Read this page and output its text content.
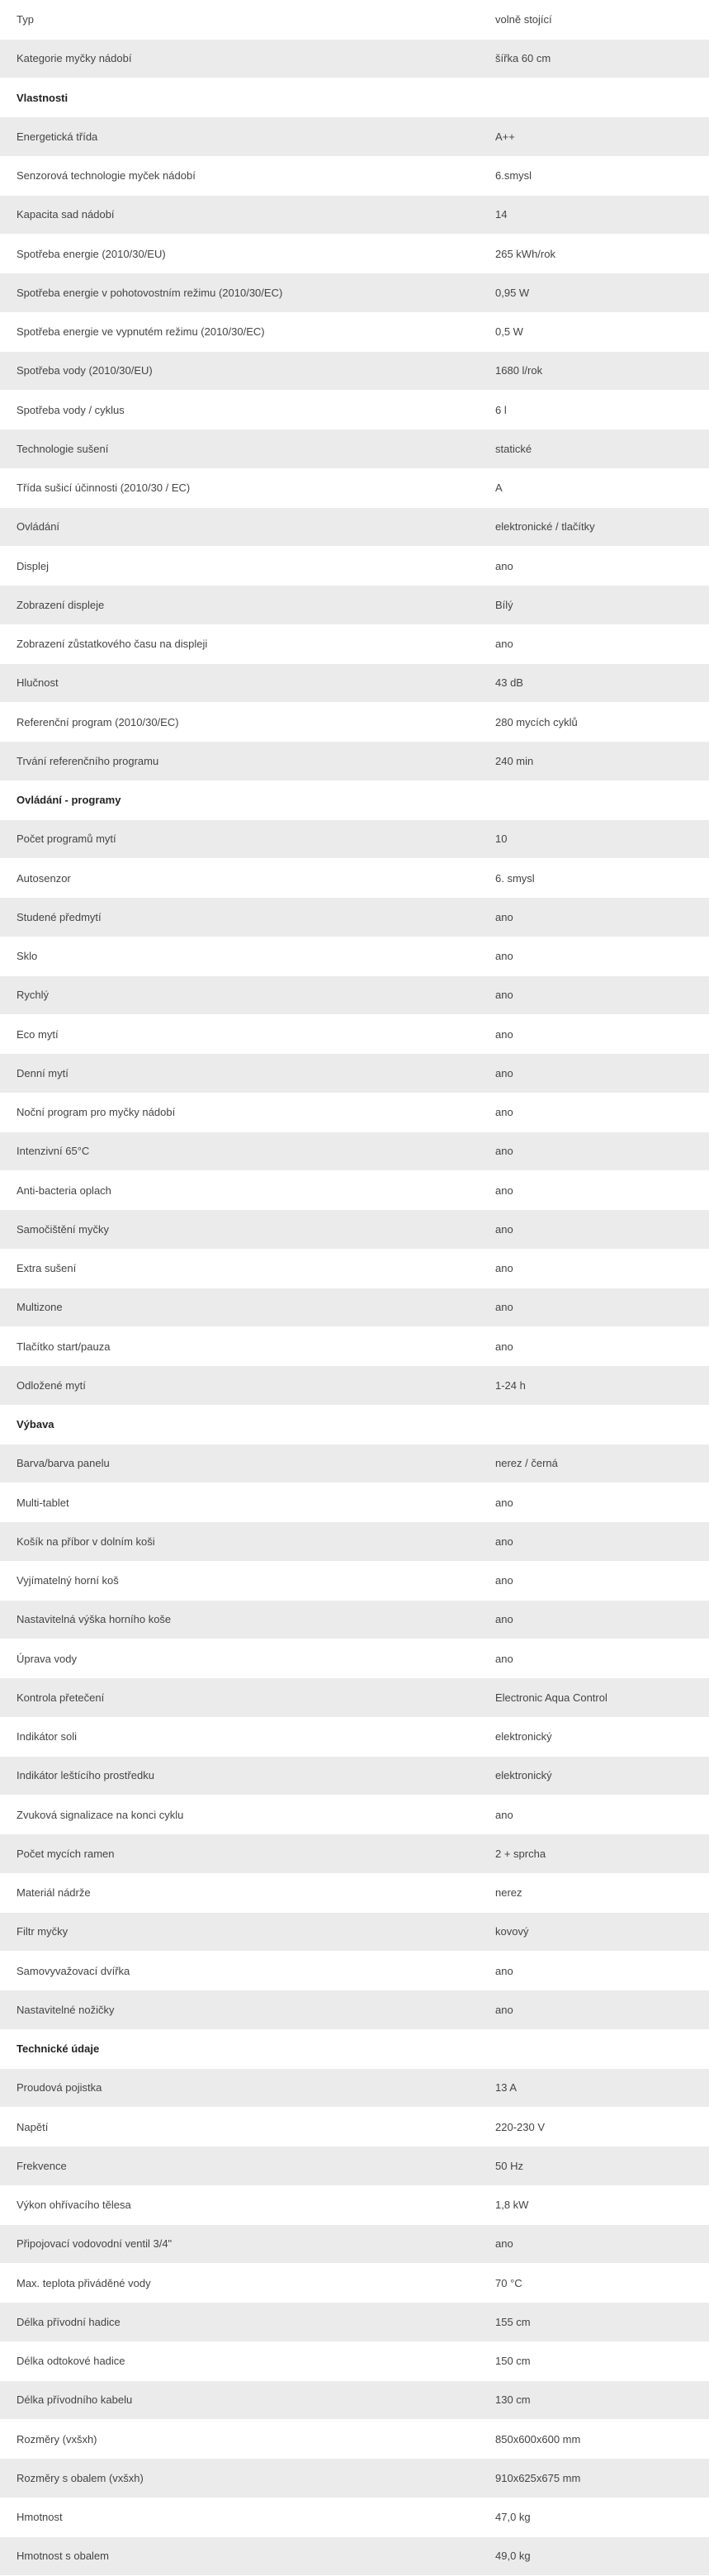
Typ	volně stojící
Kategorie myčky nádobí	šířka 60 cm
Vlastnosti	
Energetická třída	A++
Senzorová technologie myček nádobí	6.smysl
Kapacita sad nádobí	14
Spotřeba energie (2010/30/EU)	265 kWh/rok
Spotřeba energie v pohotovostním režimu (2010/30/EC)	0,95 W
Spotřeba energie ve vypnutém režimu (2010/30/EC)	0,5 W
Spotřeba vody (2010/30/EU)	1680 l/rok
Spotřeba vody / cyklus	6 l
Technologie sušení	statické
Třída sušicí účinnosti (2010/30 / EC)	A
Ovládání	elektronické / tlačítky
Displej	ano
Zobrazení displeje	Bílý
Zobrazení zůstatkového času na displeji	ano
Hlučnost	43 dB
Referenční program (2010/30/EC)	280 mycích cyklů
Trvání referenčního programu	240 min
Ovládání - programy	
Počet programů mytí	10
Autosenzor	6. smysl
Studené předmytí	ano
Sklo	ano
Rychlý	ano
Eco mytí	ano
Denní mytí	ano
Noční program pro myčky nádobí	ano
Intenzivní 65°C	ano
Anti-bacteria oplach	ano
Samočištění myčky	ano
Extra sušení	ano
Multizone	ano
Tlačítko start/pauza	ano
Odložené mytí	1-24 h
Výbava	
Barva/barva panelu	nerez / černá
Multi-tablet	ano
Košík na příbor v dolním koši	ano
Vyjímatelný horní koš	ano
Nastavitelná výška horního koše	ano
Úprava vody	ano
Kontrola přetečení	Electronic Aqua Control
Indikátor soli	elektronický
Indikátor leštícího prostředku	elektronický
Zvuková signalizace na konci cyklu	ano
Počet mycích ramen	2 + sprcha
Materiál nádrže	nerez
Filtr myčky	kovový
Samovyvažovací dvířka	ano
Nastavitelné nožičky	ano
Technické údaje	
Proudová pojistka	13 A
Napětí	220-230 V
Frekvence	50 Hz
Výkon ohřívacího tělesa	1,8 kW
Připojovací vodovodní ventil 3/4"	ano
Max. teplota přiváděné vody	70 °C
Délka přívodní hadice	155 cm
Délka odtokové hadice	150 cm
Délka přívodního kabelu	130 cm
Rozměry (vxšxh)	850x600x600 mm
Rozměry s obalem (vxšxh)	910x625x675 mm
Hmotnost	47,0 kg
Hmotnost s obalem	49,0 kg
